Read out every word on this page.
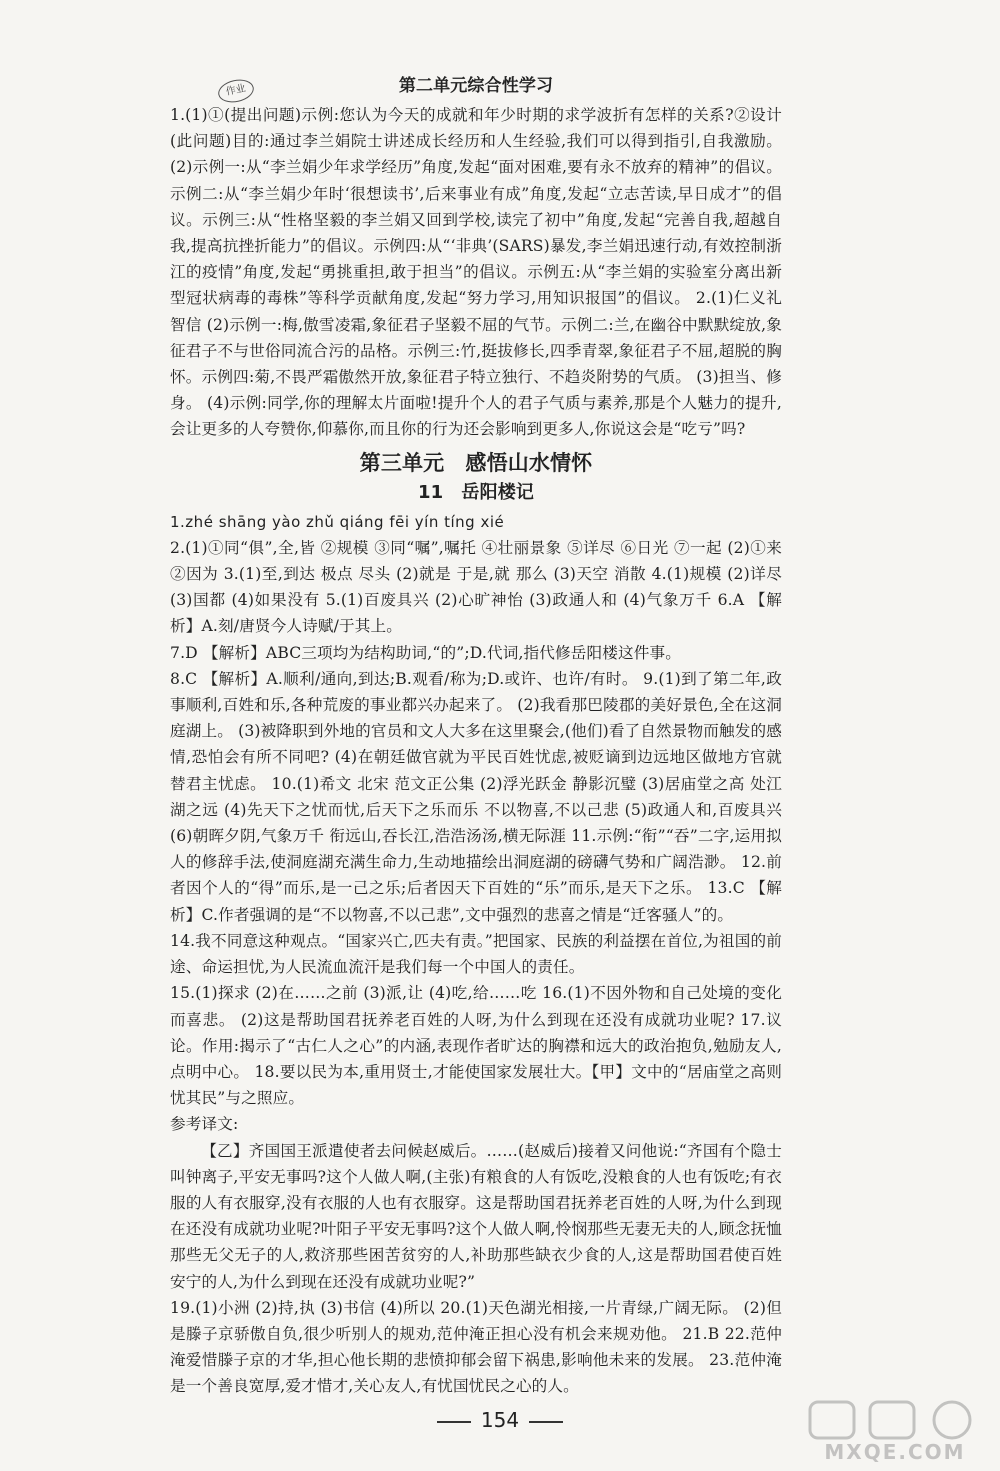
作业	第二单元综合性学习

1.(1)①(提出问题)示例:您认为今天的成就和年少时期的求学波折有怎样的关系?②设计(此问题)目的:通过李兰娟院士讲述成长经历和人生经验,我们可以得到指引,自我激励。 (2)示例一:从“李兰娟少年求学经历”角度,发起“面对困难,要有永不放弃的精神”的倡议。示例二:从“李兰娟少年时‘很想读书’,后来事业有成”角度,发起“立志苦读,早日成才”的倡议。示例三:从“性格坚毅的李兰娟又回到学校,读完了初中”角度,发起“完善自我,超越自我,提高抗挫折能力”的倡议。示例四:从“‘非典’(SARS)暴发,李兰娟迅速行动,有效控制浙江的疫情”角度,发起“勇挑重担,敢于担当”的倡议。示例五:从“李兰娟的实验室分离出新型冠状病毒的毒株”等科学贡献角度,发起“努力学习,用知识报国”的倡议。 2.(1)仁义礼智信 (2)示例一:梅,傲雪凌霜,象征君子坚毅不屈的气节。示例二:兰,在幽谷中默默绽放,象征君子不与世俗同流合污的品格。示例三:竹,挺拔修长,四季青翠,象征君子不屈,超脱的胸怀。示例四:菊,不畏严霜傲然开放,象征君子特立独行、不趋炎附势的气质。 (3)担当、修身。 (4)示例:同学,你的理解太片面啦!提升个人的君子气质与素养,那是个人魅力的提升,会让更多的人夸赞你,仰慕你,而且你的行为还会影响到更多人,你说这会是“吃亏”吗?

第三单元　感悟山水情怀
11　岳阳楼记

1.zhé shāng yào zhǔ qiáng fēi yín tíng xié

2.(1)①同“俱”,全,皆 ②规模 ③同“嘱”,嘱托 ④壮丽景象 ⑤详尽 ⑥日光 ⑦一起 (2)①来 ②因为 3.(1)至,到达 极点 尽头 (2)就是 于是,就 那么 (3)天空 消散 4.(1)规模 (2)详尽 (3)国都 (4)如果没有 5.(1)百废具兴 (2)心旷神怡 (3)政通人和 (4)气象万千 6.A 【解析】A.刻/唐贤今人诗赋/于其上。

7.D 【解析】ABC三项均为结构助词,“的”;D.代词,指代修岳阳楼这件事。

8.C 【解析】A.顺利/通向,到达;B.观看/称为;D.或许、也许/有时。 9.(1)到了第二年,政事顺利,百姓和乐,各种荒废的事业都兴办起来了。 (2)我看那巴陵郡的美好景色,全在这洞庭湖上。 (3)被降职到外地的官员和文人大多在这里聚会,(他们)看了自然景物而触发的感情,恐怕会有所不同吧? (4)在朝廷做官就为平民百姓忧虑,被贬谪到边远地区做地方官就替君主忧虑。 10.(1)希文 北宋 范文正公集 (2)浮光跃金 静影沉璧 (3)居庙堂之高 处江湖之远 (4)先天下之忧而忧,后天下之乐而乐 不以物喜,不以己悲 (5)政通人和,百废具兴 (6)朝晖夕阴,气象万千 衔远山,吞长江,浩浩汤汤,横无际涯 11.示例:“衔”“吞”二字,运用拟人的修辞手法,使洞庭湖充满生命力,生动地描绘出洞庭湖的磅礴气势和广阔浩渺。 12.前者因个人的“得”而乐,是一己之乐;后者因天下百姓的“乐”而乐,是天下之乐。 13.C 【解析】C.作者强调的是“不以物喜,不以己悲”,文中强烈的悲喜之情是“迁客骚人”的。

14.我不同意这种观点。“国家兴亡,匹夫有责。”把国家、民族的利益摆在首位,为祖国的前途、命运担忧,为人民流血流汗是我们每一个中国人的责任。

15.(1)探求 (2)在……之前 (3)派,让 (4)吃,给……吃 16.(1)不因外物和自己处境的变化而喜悲。 (2)这是帮助国君抚养老百姓的人呀,为什么到现在还没有成就功业呢? 17.议论。作用:揭示了“古仁人之心”的内涵,表现作者旷达的胸襟和远大的政治抱负,勉励友人,点明中心。 18.要以民为本,重用贤士,才能使国家发展壮大。【甲】文中的“居庙堂之高则忧其民”与之照应。

参考译文:

【乙】齐国国王派遣使者去问候赵威后。……(赵威后)接着又问他说:“齐国有个隐士叫钟离子,平安无事吗?这个人做人啊,(主张)有粮食的人有饭吃,没粮食的人也有饭吃;有衣服的人有衣服穿,没有衣服的人也有衣服穿。这是帮助国君抚养老百姓的人呀,为什么到现在还没有成就功业呢?叶阳子平安无事吗?这个人做人啊,怜悯那些无妻无夫的人,顾念抚恤那些无父无子的人,救济那些困苦贫穷的人,补助那些缺衣少食的人,这是帮助国君使百姓安宁的人,为什么到现在还没有成就功业呢?”

19.(1)小洲 (2)持,执 (3)书信 (4)所以 20.(1)天色湖光相接,一片青绿,广阔无际。 (2)但是滕子京骄傲自负,很少听别人的规劝,范仲淹正担心没有机会来规劝他。 21.B 22.范仲淹爱惜滕子京的才华,担心他长期的悲愤抑郁会留下祸患,影响他未来的发展。 23.范仲淹是一个善良宽厚,爱才惜才,关心友人,有忧国忧民之心的人。

154
MXQE.COM
